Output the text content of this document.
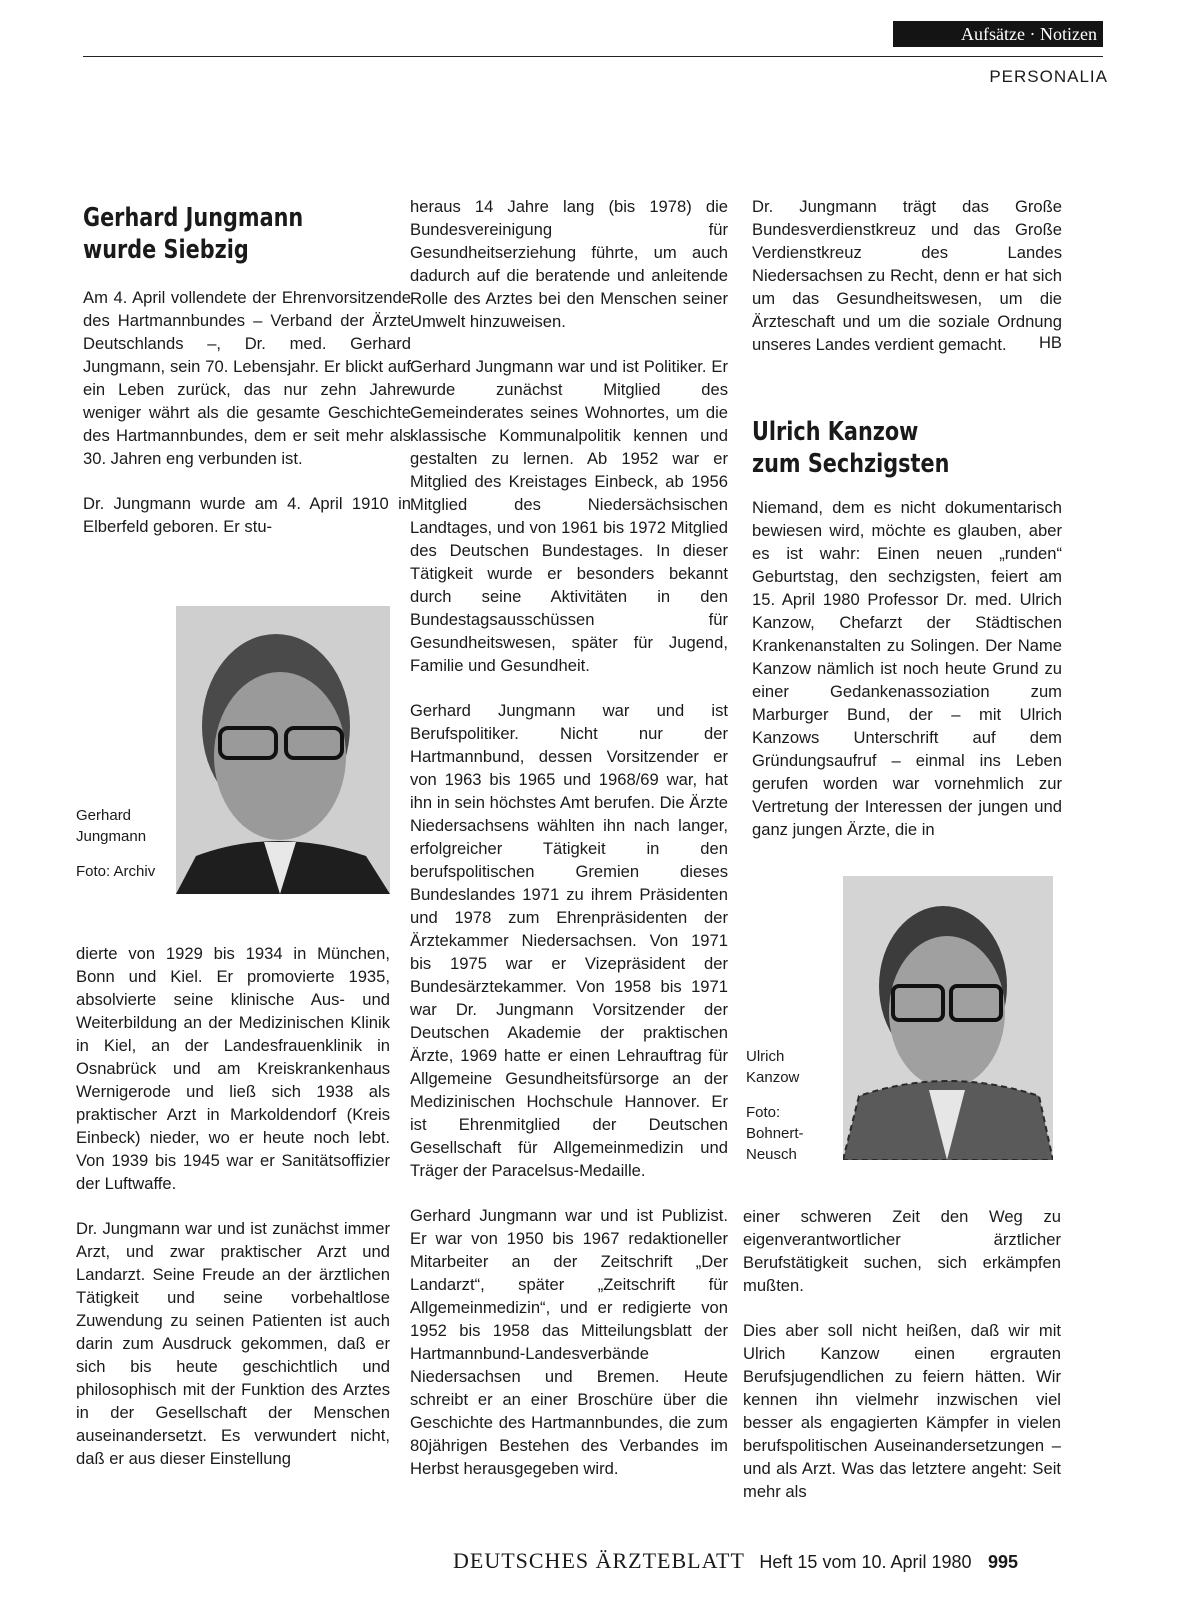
Aufsätze · Notizen
PERSONALIA
Gerhard Jungmann
wurde Siebzig

Am 4. April vollendete der Ehrenvorsitzende des Hartmannbundes – Verband der Ärzte Deutschlands –, Dr. med. Gerhard Jungmann, sein 70. Lebensjahr. Er blickt auf ein Leben zurück, das nur zehn Jahre weniger währt als die gesamte Geschichte des Hartmannbundes, dem er seit mehr als 30. Jahren eng verbunden ist.

Dr. Jungmann wurde am 4. April 1910 in Elberfeld geboren. Er stu-

Gerhard Jungmann

Foto: Archiv

dierte von 1929 bis 1934 in München, Bonn und Kiel. Er promovierte 1935, absolvierte seine klinische Aus- und Weiterbildung an der Medizinischen Klinik in Kiel, an der Landesfrauenklinik in Osnabrück und am Kreiskrankenhaus Wernigerode und ließ sich 1938 als praktischer Arzt in Markoldendorf (Kreis Einbeck) nieder, wo er heute noch lebt. Von 1939 bis 1945 war er Sanitätsoffizier der Luftwaffe.

Dr. Jungmann war und ist zunächst immer Arzt, und zwar praktischer Arzt und Landarzt. Seine Freude an der ärztlichen Tätigkeit und seine vorbehaltlose Zuwendung zu seinen Patienten ist auch darin zum Ausdruck gekommen, daß er sich bis heute geschichtlich und philosophisch mit der Funktion des Arztes in der Gesellschaft der Menschen auseinandersetzt. Es verwundert nicht, daß er aus dieser Einstellung

heraus 14 Jahre lang (bis 1978) die Bundesvereinigung für Gesundheitserziehung führte, um auch dadurch auf die beratende und anleitende Rolle des Arztes bei den Menschen seiner Umwelt hinzuweisen.

Gerhard Jungmann war und ist Politiker. Er wurde zunächst Mitglied des Gemeinderates seines Wohnortes, um die klassische Kommunalpolitik kennen und gestalten zu lernen. Ab 1952 war er Mitglied des Kreistages Einbeck, ab 1956 Mitglied des Niedersächsischen Landtages, und von 1961 bis 1972 Mitglied des Deutschen Bundestages. In dieser Tätigkeit wurde er besonders bekannt durch seine Aktivitäten in den Bundestagsausschüssen für Gesundheitswesen, später für Jugend, Familie und Gesundheit.

Gerhard Jungmann war und ist Berufspolitiker. Nicht nur der Hartmannbund, dessen Vorsitzender er von 1963 bis 1965 und 1968/69 war, hat ihn in sein höchstes Amt berufen. Die Ärzte Niedersachsens wählten ihn nach langer, erfolgreicher Tätigkeit in den berufspolitischen Gremien dieses Bundeslandes 1971 zu ihrem Präsidenten und 1978 zum Ehrenpräsidenten der Ärztekammer Niedersachsen. Von 1971 bis 1975 war er Vizepräsident der Bundesärztekammer. Von 1958 bis 1971 war Dr. Jungmann Vorsitzender der Deutschen Akademie der praktischen Ärzte, 1969 hatte er einen Lehrauftrag für Allgemeine Gesundheitsfürsorge an der Medizinischen Hochschule Hannover. Er ist Ehrenmitglied der Deutschen Gesellschaft für Allgemeinmedizin und Träger der Paracelsus-Medaille.

Gerhard Jungmann war und ist Publizist. Er war von 1950 bis 1967 redaktioneller Mitarbeiter an der Zeitschrift „Der Landarzt“, später „Zeitschrift für Allgemeinmedizin“, und er redigierte von 1952 bis 1958 das Mitteilungsblatt der Hartmannbund-Landesverbände Niedersachsen und Bremen. Heute schreibt er an einer Broschüre über die Geschichte des Hartmannbundes, die zum 80jährigen Bestehen des Verbandes im Herbst herausgegeben wird.

Dr. Jungmann trägt das Große Bundesverdienstkreuz und das Große Verdienstkreuz des Landes Niedersachsen zu Recht, denn er hat sich um das Gesundheitswesen, um die Ärzteschaft und um die soziale Ordnung unseres Landes verdient gemacht.	HB
Ulrich Kanzow
zum Sechzigsten

Niemand, dem es nicht dokumentarisch bewiesen wird, möchte es glauben, aber es ist wahr: Einen neuen „runden“ Geburtstag, den sechzigsten, feiert am 15. April 1980 Professor Dr. med. Ulrich Kanzow, Chefarzt der Städtischen Krankenanstalten zu Solingen. Der Name Kanzow nämlich ist noch heute Grund zu einer Gedankenassoziation zum Marburger Bund, der – mit Ulrich Kanzows Unterschrift auf dem Gründungsaufruf – einmal ins Leben gerufen worden war vornehmlich zur Vertretung der Interessen der jungen und ganz jungen Ärzte, die in

Ulrich Kanzow

Foto: Bohnert-Neusch

einer schweren Zeit den Weg zu eigenverantwortlicher ärztlicher Berufstätigkeit suchen, sich erkämpfen mußten.

Dies aber soll nicht heißen, daß wir mit Ulrich Kanzow einen ergrauten Berufsjugendlichen zu feiern hätten. Wir kennen ihn vielmehr inzwischen viel besser als engagierten Kämpfer in vielen berufspolitischen Auseinandersetzungen – und als Arzt. Was das letztere angeht: Seit mehr als

DEUTSCHES ÄRZTEBLATT Heft 15 vom 10. April 1980 995
